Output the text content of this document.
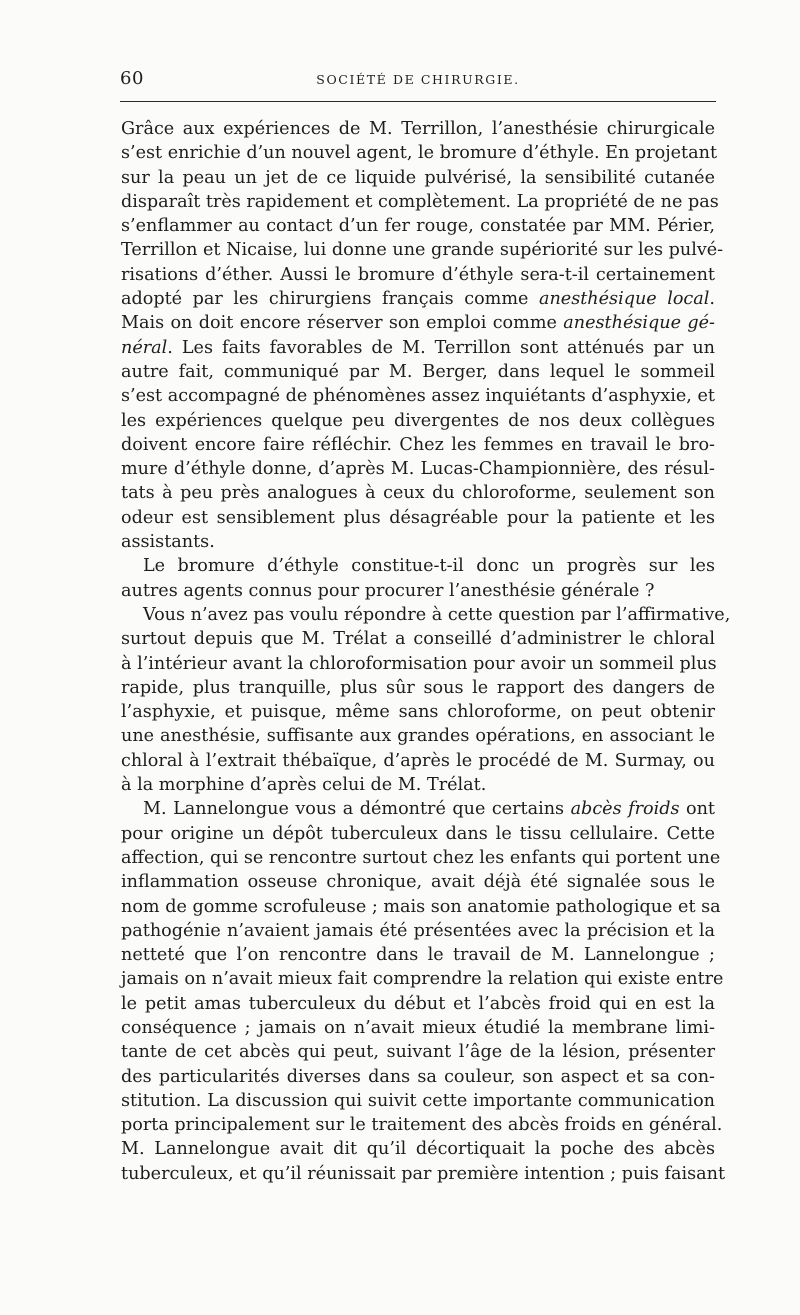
60	SOCIÉTÉ DE CHIRURGIE.
Grâce aux expériences de M. Terrillon, l’anesthésie chirurgicale
s’est enrichie d’un nouvel agent, le bromure d’éthyle. En projetant
sur la peau un jet de ce liquide pulvérisé, la sensibilité cutanée
disparaît très rapidement et complètement. La propriété de ne pas
s’enflammer au contact d’un fer rouge, constatée par MM. Périer,
Terrillon et Nicaise, lui donne une grande supériorité sur les pulvé-
risations d’éther. Aussi le bromure d’éthyle sera-t-il certainement
adopté par les chirurgiens français comme anesthésique local.
Mais on doit encore réserver son emploi comme anesthésique gé-
néral. Les faits favorables de M. Terrillon sont atténués par un
autre fait, communiqué par M. Berger, dans lequel le sommeil
s’est accompagné de phénomènes assez inquiétants d’asphyxie, et
les expériences quelque peu divergentes de nos deux collègues
doivent encore faire réfléchir. Chez les femmes en travail le bro-
mure d’éthyle donne, d’après M. Lucas-Championnière, des résul-
tats à peu près analogues à ceux du chloroforme, seulement son
odeur est sensiblement plus désagréable pour la patiente et les
assistants.
Le bromure d’éthyle constitue-t-il donc un progrès sur les
autres agents connus pour procurer l’anesthésie générale ?
Vous n’avez pas voulu répondre à cette question par l’affirmative,
surtout depuis que M. Trélat a conseillé d’administrer le chloral
à l’intérieur avant la chloroformisation pour avoir un sommeil plus
rapide, plus tranquille, plus sûr sous le rapport des dangers de
l’asphyxie, et puisque, même sans chloroforme, on peut obtenir
une anesthésie, suffisante aux grandes opérations, en associant le
chloral à l’extrait thébaïque, d’après le procédé de M. Surmay, ou
à la morphine d’après celui de M. Trélat.
M. Lannelongue vous a démontré que certains abcès froids ont
pour origine un dépôt tuberculeux dans le tissu cellulaire. Cette
affection, qui se rencontre surtout chez les enfants qui portent une
inflammation osseuse chronique, avait déjà été signalée sous le
nom de gomme scrofuleuse ; mais son anatomie pathologique et sa
pathogénie n’avaient jamais été présentées avec la précision et la
netteté que l’on rencontre dans le travail de M. Lannelongue ;
jamais on n’avait mieux fait comprendre la relation qui existe entre
le petit amas tuberculeux du début et l’abcès froid qui en est la
conséquence ; jamais on n’avait mieux étudié la membrane limi-
tante de cet abcès qui peut, suivant l’âge de la lésion, présenter
des particularités diverses dans sa couleur, son aspect et sa con-
stitution. La discussion qui suivit cette importante communication
porta principalement sur le traitement des abcès froids en général.
M. Lannelongue avait dit qu’il décortiquait la poche des abcès
tuberculeux, et qu’il réunissait par première intention ; puis faisant
